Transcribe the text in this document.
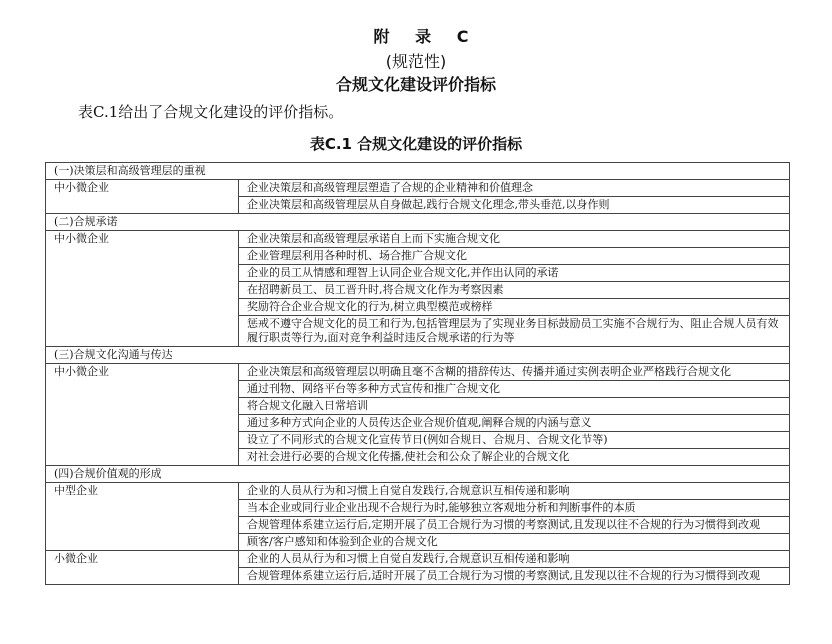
附 录 C
(规范性)
合规文化建设评价指标

表C.1给出了合规文化建设的评价指标。

表C.1 合规文化建设的评价指标

(一)决策层和高级管理层的重视	
中小微企业	企业决策层和高级管理层塑造了合规的企业精神和价值理念
	企业决策层和高级管理层从自身做起,践行合规文化理念,带头垂范,以身作则
(二)合规承诺	
中小微企业	企业决策层和高级管理层承诺自上而下实施合规文化
	企业管理层利用各种时机、场合推广合规文化
	企业的员工从情感和理智上认同企业合规文化,并作出认同的承诺
	在招聘新员工、员工晋升时,将合规文化作为考察因素
	奖励符合企业合规文化的行为,树立典型模范或榜样
	惩戒不遵守合规文化的员工和行为,包括管理层为了实现业务目标鼓励员工实施不合规行为、阻止合规人员有效履行职责等行为,面对竞争利益时违反合规承诺的行为等
(三)合规文化沟通与传达	
中小微企业	企业决策层和高级管理层以明确且毫不含糊的措辞传达、传播并通过实例表明企业严格践行合规文化
	通过刊物、网络平台等多种方式宣传和推广合规文化
	将合规文化融入日常培训
	通过多种方式向企业的人员传达企业合规价值观,阐释合规的内涵与意义
	设立了不同形式的合规文化宣传节日(例如合规日、合规月、合规文化节等)
	对社会进行必要的合规文化传播,使社会和公众了解企业的合规文化
(四)合规价值观的形成	
中型企业	企业的人员从行为和习惯上自觉自发践行,合规意识互相传递和影响
	当本企业或同行业企业出现不合规行为时,能够独立客观地分析和判断事件的本质
	合规管理体系建立运行后,定期开展了员工合规行为习惯的考察测试,且发现以往不合规的行为习惯得到改观
	顾客/客户感知和体验到企业的合规文化
小微企业	企业的人员从行为和习惯上自觉自发践行,合规意识互相传递和影响
	合规管理体系建立运行后,适时开展了员工合规行为习惯的考察测试,且发现以往不合规的行为习惯得到改观
